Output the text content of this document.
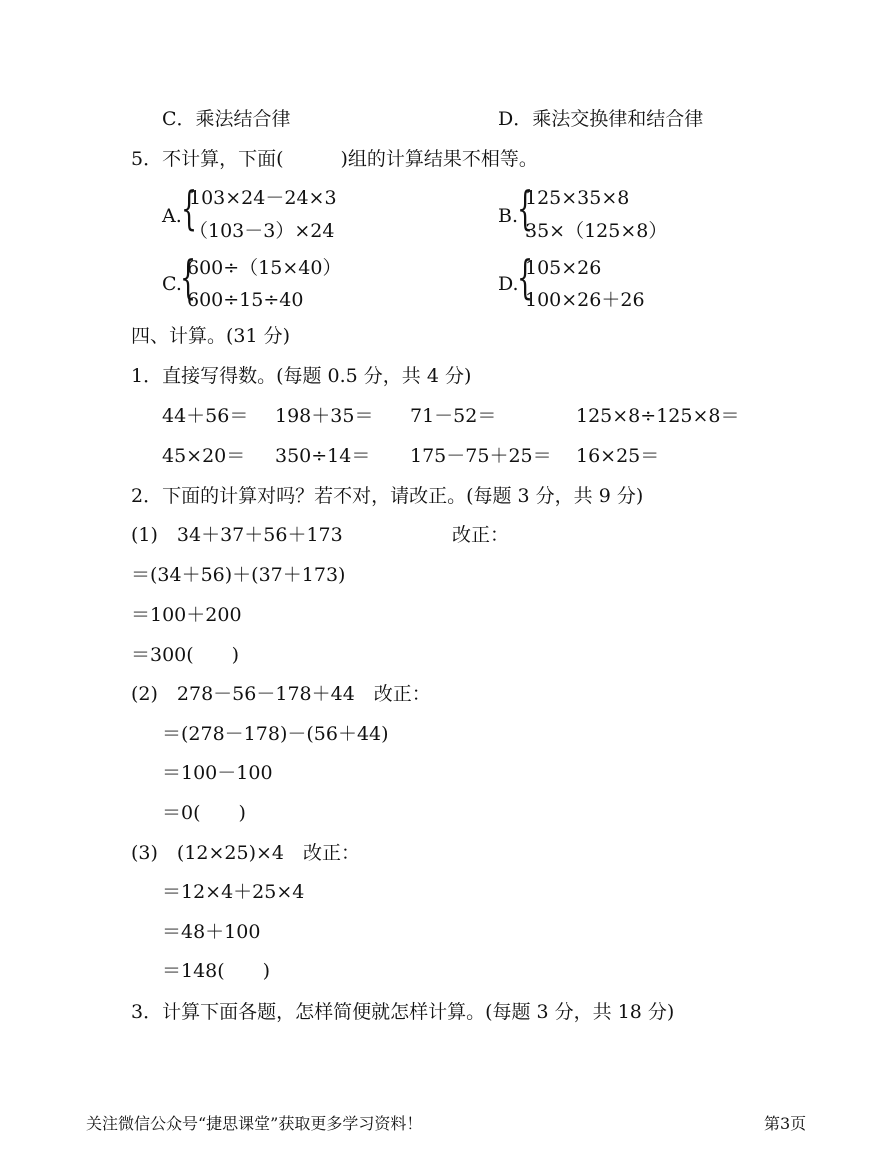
C．乘法结合律	D．乘法交换律和结合律
5．不计算，下面(　　　)组的计算结果不相等。
A. {
103×24－24×3
（103－3）×24
B.
{
125×35×8
35×（125×8）
C.
{
600÷（15×40）
600÷15÷40
D.
{
105×26
100×26＋26
四、计算。(31 分)
1．直接写得数。(每题 0.5 分，共 4 分)
44＋56＝ 198＋35＝ 71－52＝	125×8÷125×8＝
45×20＝ 350÷14＝ 175－75＋25＝ 16×25＝
2．下面的计算对吗？若不对，请改正。(每题 3 分，共 9 分)
(1)　34＋37＋56＋173	改正：
＝(34＋56)＋(37＋173)
＝100＋200
＝300(　　)
(2)　278－56－178＋44　改正：
＝(278－178)－(56＋44)
＝100－100
＝0(　　)
(3)　(12×25)×4　改正：
＝12×4＋25×4
＝48＋100
＝148(　　)
3．计算下面各题，怎样简便就怎样计算。(每题 3 分，共 18 分)
关注微信公众号“捷思课堂”获取更多学习资料！	第3页
